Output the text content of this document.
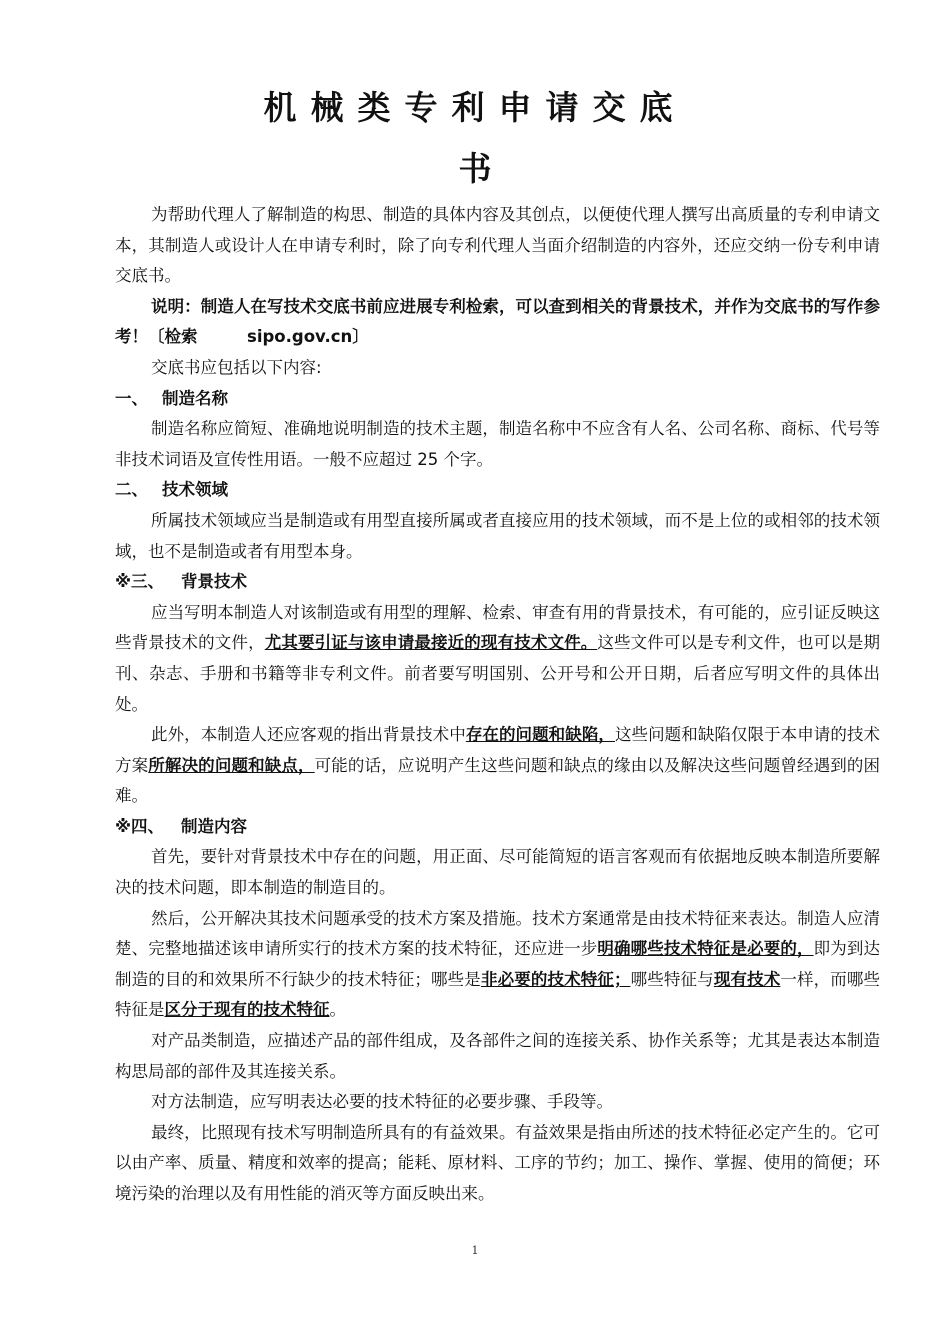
机械类专利申请交底
书

为帮助代理人了解制造的构思、制造的具体内容及其创点，以便使代理人撰写出高质量的专利申请文本，其制造人或设计人在申请专利时，除了向专利代理人当面介绍制造的内容外，还应交纳一份专利申请交底书。

说明：制造人在写技术交底书前应进展专利检索，可以查到相关的背景技术，并作为交底书的写作参考！〔检索　　　sipo.gov.cn〕

交底书应包括以下内容:

一、 制造名称

制造名称应简短、准确地说明制造的技术主题，制造名称中不应含有人名、公司名称、商标、代号等非技术词语及宣传性用语。一般不应超过 25 个字。

二、 技术领域

所属技术领域应当是制造或有用型直接所属或者直接应用的技术领域，而不是上位的或相邻的技术领域，也不是制造或者有用型本身。

※三、 背景技术

应当写明本制造人对该制造或有用型的理解、检索、审查有用的背景技术，有可能的，应引证反映这些背景技术的文件，尤其要引证与该申请最接近的现有技术文件。这些文件可以是专利文件，也可以是期刊、杂志、手册和书籍等非专利文件。前者要写明国别、公开号和公开日期，后者应写明文件的具体出处。

此外，本制造人还应客观的指出背景技术中存在的问题和缺陷，这些问题和缺陷仅限于本申请的技术方案所解决的问题和缺点，可能的话，应说明产生这些问题和缺点的缘由以及解决这些问题曾经遇到的困难。

※四、 制造内容

首先，要针对背景技术中存在的问题，用正面、尽可能简短的语言客观而有依据地反映本制造所要解决的技术问题，即本制造的制造目的。

然后，公开解决其技术问题承受的技术方案及措施。技术方案通常是由技术特征来表达。制造人应清楚、完整地描述该申请所实行的技术方案的技术特征，还应进一步明确哪些技术特征是必要的，即为到达制造的目的和效果所不行缺少的技术特征；哪些是非必要的技术特征；哪些特征与现有技术一样，而哪些特征是区分于现有的技术特征。

对产品类制造，应描述产品的部件组成，及各部件之间的连接关系、协作关系等；尤其是表达本制造构思局部的部件及其连接关系。

对方法制造，应写明表达必要的技术特征的必要步骤、手段等。

最终，比照现有技术写明制造所具有的有益效果。有益效果是指由所述的技术特征必定产生的。它可以由产率、质量、精度和效率的提高；能耗、原材料、工序的节约；加工、操作、掌握、使用的简便；环境污染的治理以及有用性能的消灭等方面反映出来。

1
